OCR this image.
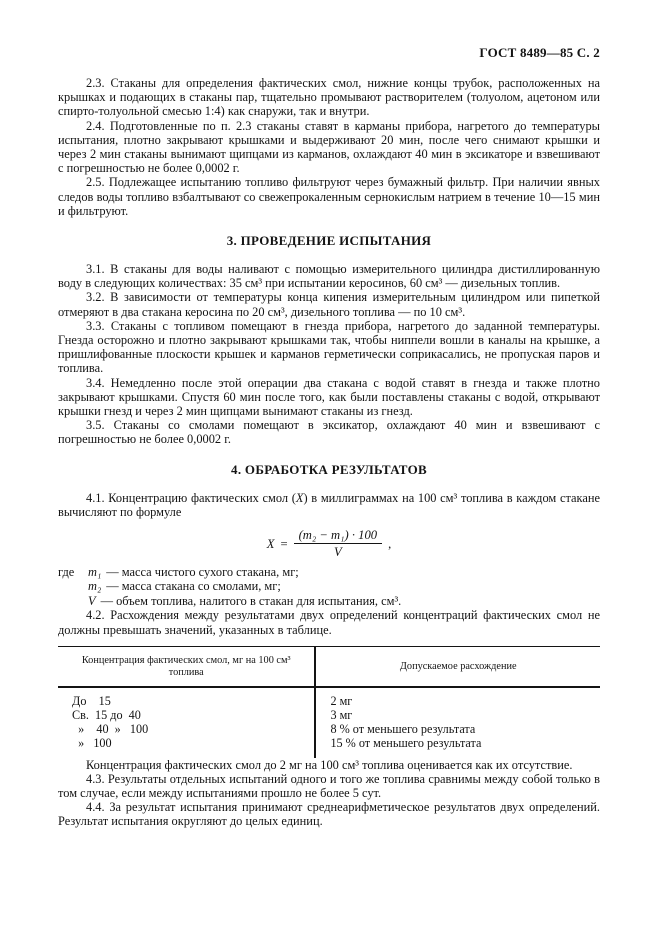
ГОСТ 8489—85 С. 2

2.3. Стаканы для определения фактических смол, нижние концы трубок, расположенных на крышках и подающих в стаканы пар, тщательно промывают растворителем (толуолом, ацетоном или спирто-толуольной смесью 1:4) как снаружи, так и внутри.

2.4. Подготовленные по п. 2.3 стаканы ставят в карманы прибора, нагретого до температуры испытания, плотно закрывают крышками и выдерживают 20 мин, после чего снимают крышки и через 2 мин стаканы вынимают щипцами из карманов, охлаждают 40 мин в эксикаторе и взвешивают с погрешностью не более 0,0002 г.

2.5. Подлежащее испытанию топливо фильтруют через бумажный фильтр. При наличии явных следов воды топливо взбалтывают со свежепрокаленным сернокислым натрием в течение 10—15 мин и фильтруют.

3. ПРОВЕДЕНИЕ ИСПЫТАНИЯ

3.1. В стаканы для воды наливают с помощью измерительного цилиндра дистиллированную воду в следующих количествах: 35 см³ при испытании керосинов, 60 см³ — дизельных топлив.

3.2. В зависимости от температуры конца кипения измерительным цилиндром или пипеткой отмеряют в два стакана керосина по 20 см³, дизельного топлива — по 10 см³.

3.3. Стаканы с топливом помещают в гнезда прибора, нагретого до заданной температуры. Гнезда осторожно и плотно закрывают крышками так, чтобы ниппели вошли в каналы на крышке, а пришлифованные плоскости крышек и карманов герметически соприкасались, не пропуская паров и топлива.

3.4. Немедленно после этой операции два стакана с водой ставят в гнезда и также плотно закрывают крышками. Спустя 60 мин после того, как были поставлены стаканы с водой, открывают крышки гнезд и через 2 мин щипцами вынимают стаканы из гнезд.

3.5. Стаканы со смолами помещают в эксикатор, охлаждают 40 мин и взвешивают с погрешностью не более 0,0002 г.

4. ОБРАБОТКА РЕЗУЛЬТАТОВ

4.1. Концентрацию фактических смол (X) в миллиграммах на 100 см³ топлива в каждом стакане вычисляют по формуле

$X = \frac{\text{(m₂ − m₁) · 100}}{V}$ ,

где	m₁ — масса чистого сухого стакана, мг;

m₂ — масса стакана со смолами, мг;

V — объем топлива, налитого в стакан для испытания, см³.

4.2. Расхождения между результатами двух определений концентраций фактических смол не должны превышать значений, указанных в таблице.

Концентрация фактических смол, мг на 100 см³ топлива	Допускаемое расхождение
До    15	2 мг
Св.  15 до  40	3 мг
»    40  »   100	8 % от меньшего результата
»   100	15 % от меньшего результата

Концентрация фактических смол до 2 мг на 100 см³ топлива оценивается как их отсутствие.

4.3. Результаты отдельных испытаний одного и того же топлива сравнимы между собой только в том случае, если между испытаниями прошло не более 5 сут.

4.4. За результат испытания принимают среднеарифметическое результатов двух определений. Результат испытания округляют до целых единиц.
